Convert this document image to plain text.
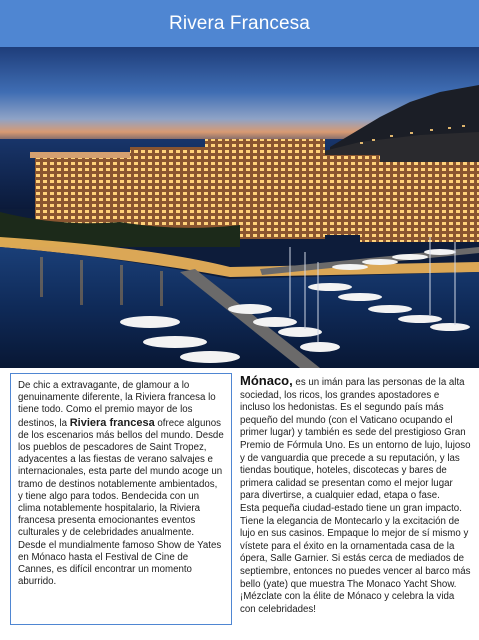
Rivera Francesa

De chic a extravagante, de glamour a lo genuinamente diferente, la Riviera francesa lo tiene todo. Como el premio mayor de los destinos, la Riviera francesa ofrece algunos de los escenarios más bellos del mundo. Desde los pueblos de pescadores de Saint Tropez, adyacentes a las fiestas de verano salvajes e internacionales, esta parte del mundo acoge un tramo de destinos notablemente ambientados, y tiene algo para todos. Bendecida con un clima notablemente hospitalario, la Riviera francesa presenta emocionantes eventos culturales y de celebridades anualmente. Desde el mundialmente famoso Show de Yates en Mónaco hasta el Festival de Cine de Cannes, es difícil encontrar un momento aburrido.

Mónaco, es un imán para las personas de la alta sociedad, los ricos, los grandes apostadores e incluso los hedonistas. Es el segundo país más pequeño del mundo (con el Vaticano ocupando el primer lugar) y también es sede del prestigioso Gran Premio de Fórmula Uno. Es un entorno de lujo, lujoso y de vanguardia que precede a su reputación, y las tiendas boutique, hoteles, discotecas y bares de primera calidad se presentan como el mejor lugar para divertirse, a cualquier edad, etapa o fase.

Esta pequeña ciudad-estado tiene un gran impacto. Tiene la elegancia de Montecarlo y la excitación de lujo en sus casinos. Empaque lo mejor de sí mismo y vístete para el éxito en la ornamentada casa de la ópera, Salle Garnier. Si estás cerca de mediados de septiembre, entonces no puedes vencer al barco más bello (yate) que muestra The Monaco Yacht Show. ¡Mézclate con la élite de Mónaco y celebra la vida con celebridades!
